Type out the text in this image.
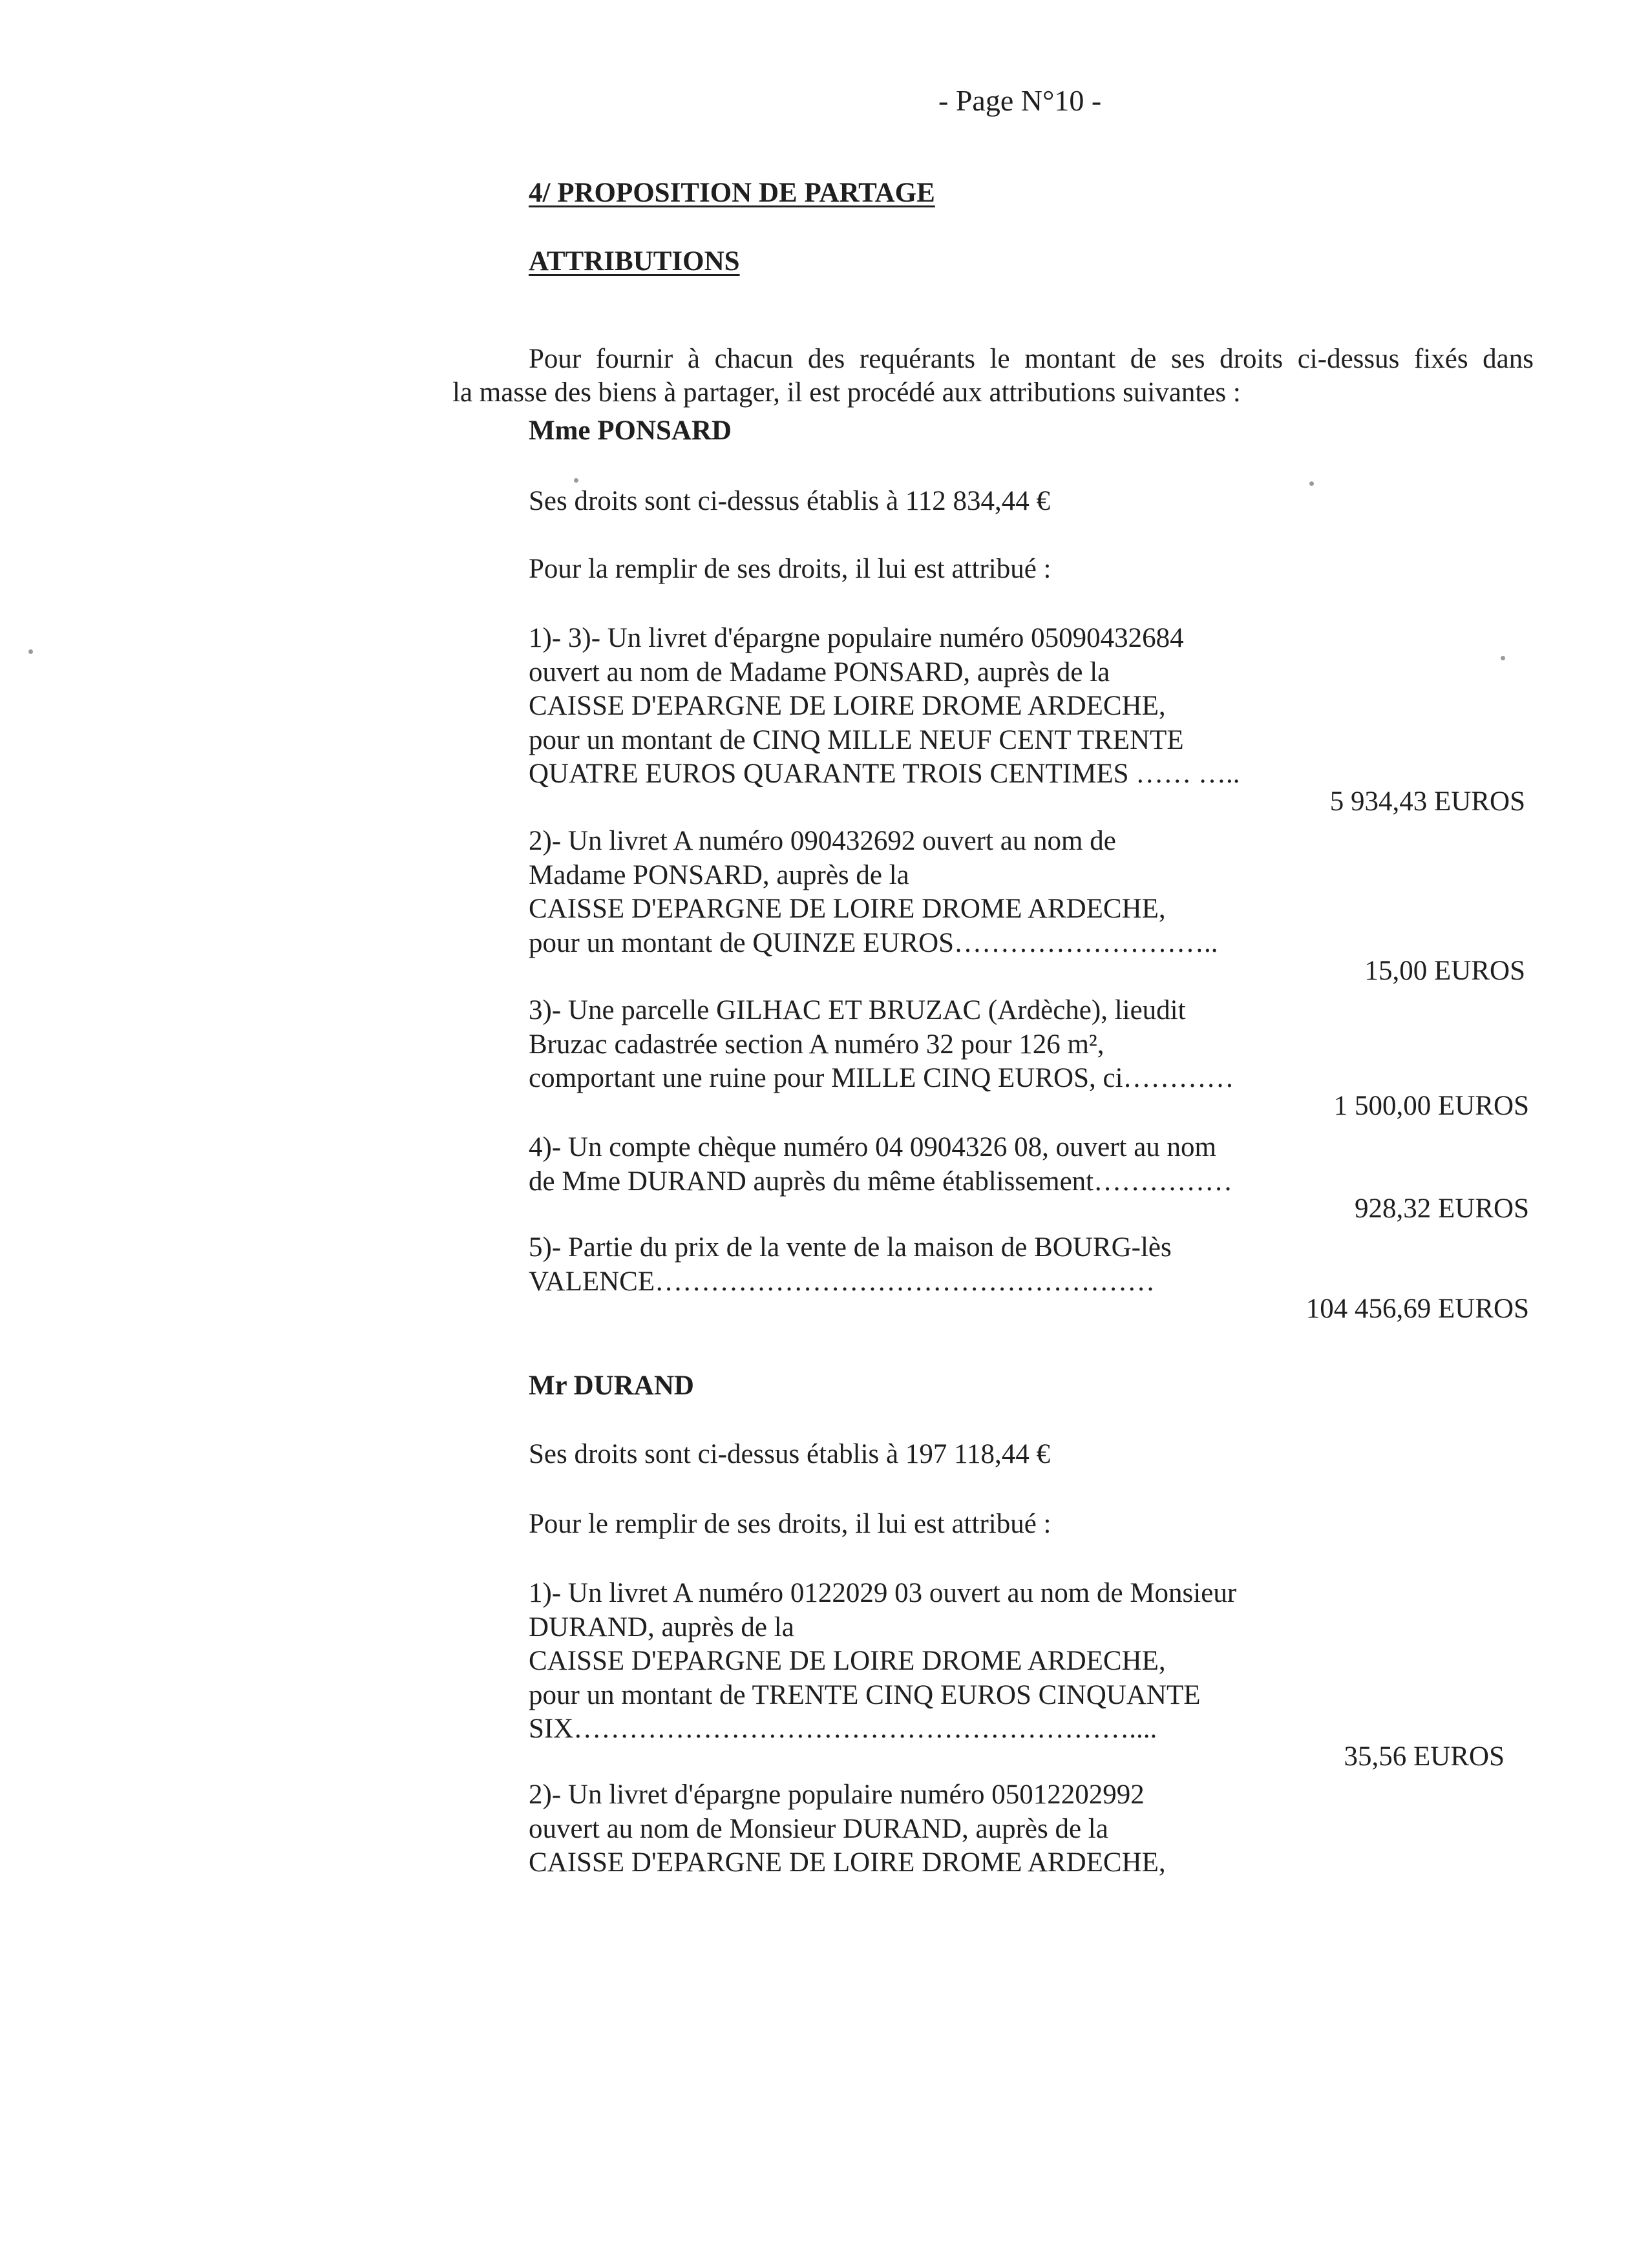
- Page N°10 -

4/ PROPOSITION DE PARTAGE

ATTRIBUTIONS

Pour fournir à chacun des requérants le montant de ses droits ci-dessus fixés dans

la masse des biens à partager, il est procédé aux attributions suivantes :

Mme PONSARD

Ses droits sont ci-dessus établis à 112 834,44 €

Pour la remplir de ses droits, il lui est attribué :

1)- 3)- Un livret d'épargne populaire numéro 05090432684
ouvert au nom de Madame PONSARD, auprès de la
CAISSE D'EPARGNE DE LOIRE DROME ARDECHE,
pour un montant de CINQ MILLE NEUF CENT TRENTE
QUATRE EUROS QUARANTE TROIS CENTIMES …… …..

5 934,43 EUROS

2)- Un livret A numéro 090432692 ouvert au nom de
Madame PONSARD, auprès de la
CAISSE D'EPARGNE DE LOIRE DROME ARDECHE,
pour un montant de QUINZE EUROS………………………..

15,00 EUROS

3)- Une parcelle GILHAC ET BRUZAC (Ardèche), lieudit
Bruzac cadastrée section A numéro 32 pour 126 m²,
comportant une ruine pour MILLE CINQ EUROS, ci…………

1 500,00 EUROS

4)- Un compte chèque numéro 04 0904326 08, ouvert au nom
de Mme DURAND auprès du même établissement……………

928,32 EUROS

5)- Partie du prix de la vente de la maison de BOURG-lès
VALENCE………………………………………………

104 456,69 EUROS

Mr DURAND

Ses droits sont ci-dessus établis à 197 118,44 €

Pour le remplir de ses droits, il lui est attribué :

1)- Un livret A numéro 0122029 03 ouvert au nom de Monsieur
DURAND, auprès de la
CAISSE D'EPARGNE DE LOIRE DROME ARDECHE,
pour un montant de TRENTE CINQ EUROS CINQUANTE
SIX……………………………………………………....

35,56 EUROS

2)- Un livret d'épargne populaire numéro 05012202992
ouvert au nom de Monsieur DURAND, auprès de la
CAISSE D'EPARGNE DE LOIRE DROME ARDECHE,
